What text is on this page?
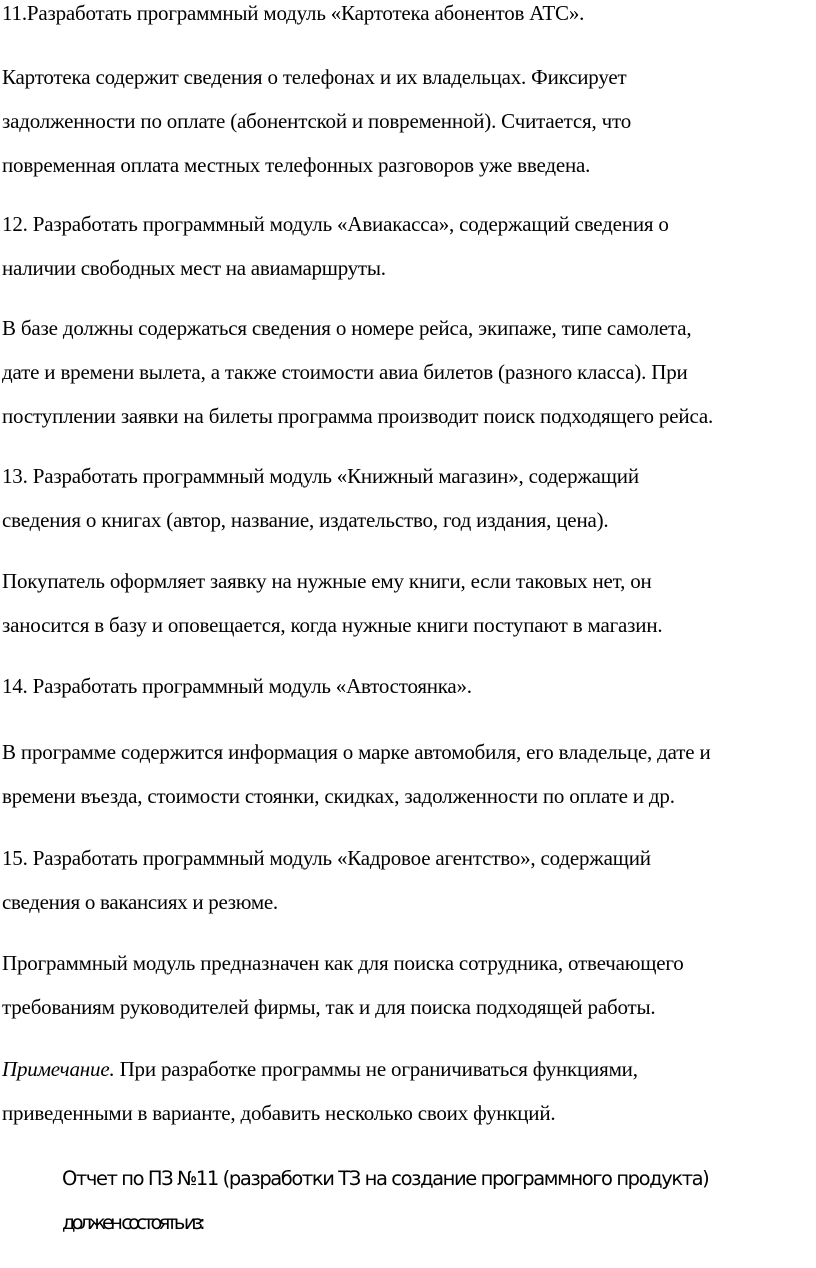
11.Разработать программный модуль «Картотека абонентов АТС».

Картотека содержит сведения о телефонах и их владельцах. Фиксирует
задолженности по оплате (абонентской и повременной). Считается, что
повременная оплата местных телефонных разговоров уже введена.

12. Разработать программный модуль «Авиакасса», содержащий сведения о
наличии свободных мест на авиамаршруты.

В базе должны содержаться сведения о номере рейса, экипаже, типе самолета,
дате и времени вылета, а также стоимости авиа билетов (разного класса). При
поступлении заявки на билеты программа производит поиск подходящего рейса.

13. Разработать программный модуль «Книжный магазин», содержащий
сведения о книгах (автор, название, издательство, год издания, цена).

Покупатель оформляет заявку на нужные ему книги, если таковых нет, он
заносится в базу и оповещается, когда нужные книги поступают в магазин.

14. Разработать программный модуль «Автостоянка».

В программе содержится информация о марке автомобиля, его владельце, дате и
времени въезда, стоимости стоянки, скидках, задолженности по оплате и др.

15. Разработать программный модуль «Кадровое агентство», содержащий
сведения о вакансиях и резюме.

Программный модуль предназначен как для поиска сотрудника, отвечающего
требованиям руководителей фирмы, так и для поиска подходящей работы.

Примечание. При разработке программы не ограничиваться функциями,
приведенными в варианте, добавить несколько своих функций.

Отчет по ПЗ №11 (разработки ТЗ на создание программного продукта)
должен состоять из:
